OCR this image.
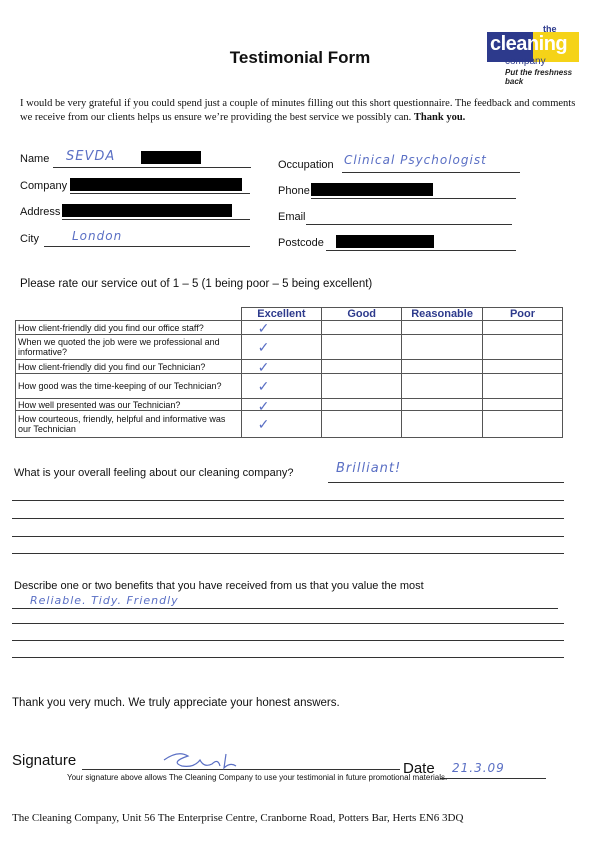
Testimonial Form
the
cleaning
company
Put the freshness back
I would be very grateful if you could spend just a couple of minutes filling out this short questionnaire. The feedback and comments we receive from our clients helps us ensure we’re providing the best service we possibly can. Thank you.
Name SEVDA
Company
Address
City	London
Occupation Clinical Psychologist
Phone
Email
Postcode
Please rate our service out of 1 – 5 (1 being poor – 5 being excellent)
	Excellent	Good	Reasonable	Poor
How client-friendly did you find our office staff?	✓			

When we quoted the job were we professional and informative?	✓			

How client-friendly did you find our Technician?	✓			

How good was the time-keeping of our Technician?	✓			

How well presented was our Technician?	✓			

How courteous, friendly, helpful and informative was our Technician	✓			

What is your overall feeling about our cleaning company?	Brilliant!
Describe one or two benefits that you have received from us that you value the most
Reliable. Tidy. Friendly
Thank you very much. We truly appreciate your honest answers.
Signature	Date 21.3.09
Your signature above allows The Cleaning Company to use your testimonial in future promotional materials.
The Cleaning Company, Unit 56 The Enterprise Centre, Cranborne Road, Potters Bar, Herts EN6 3DQ
